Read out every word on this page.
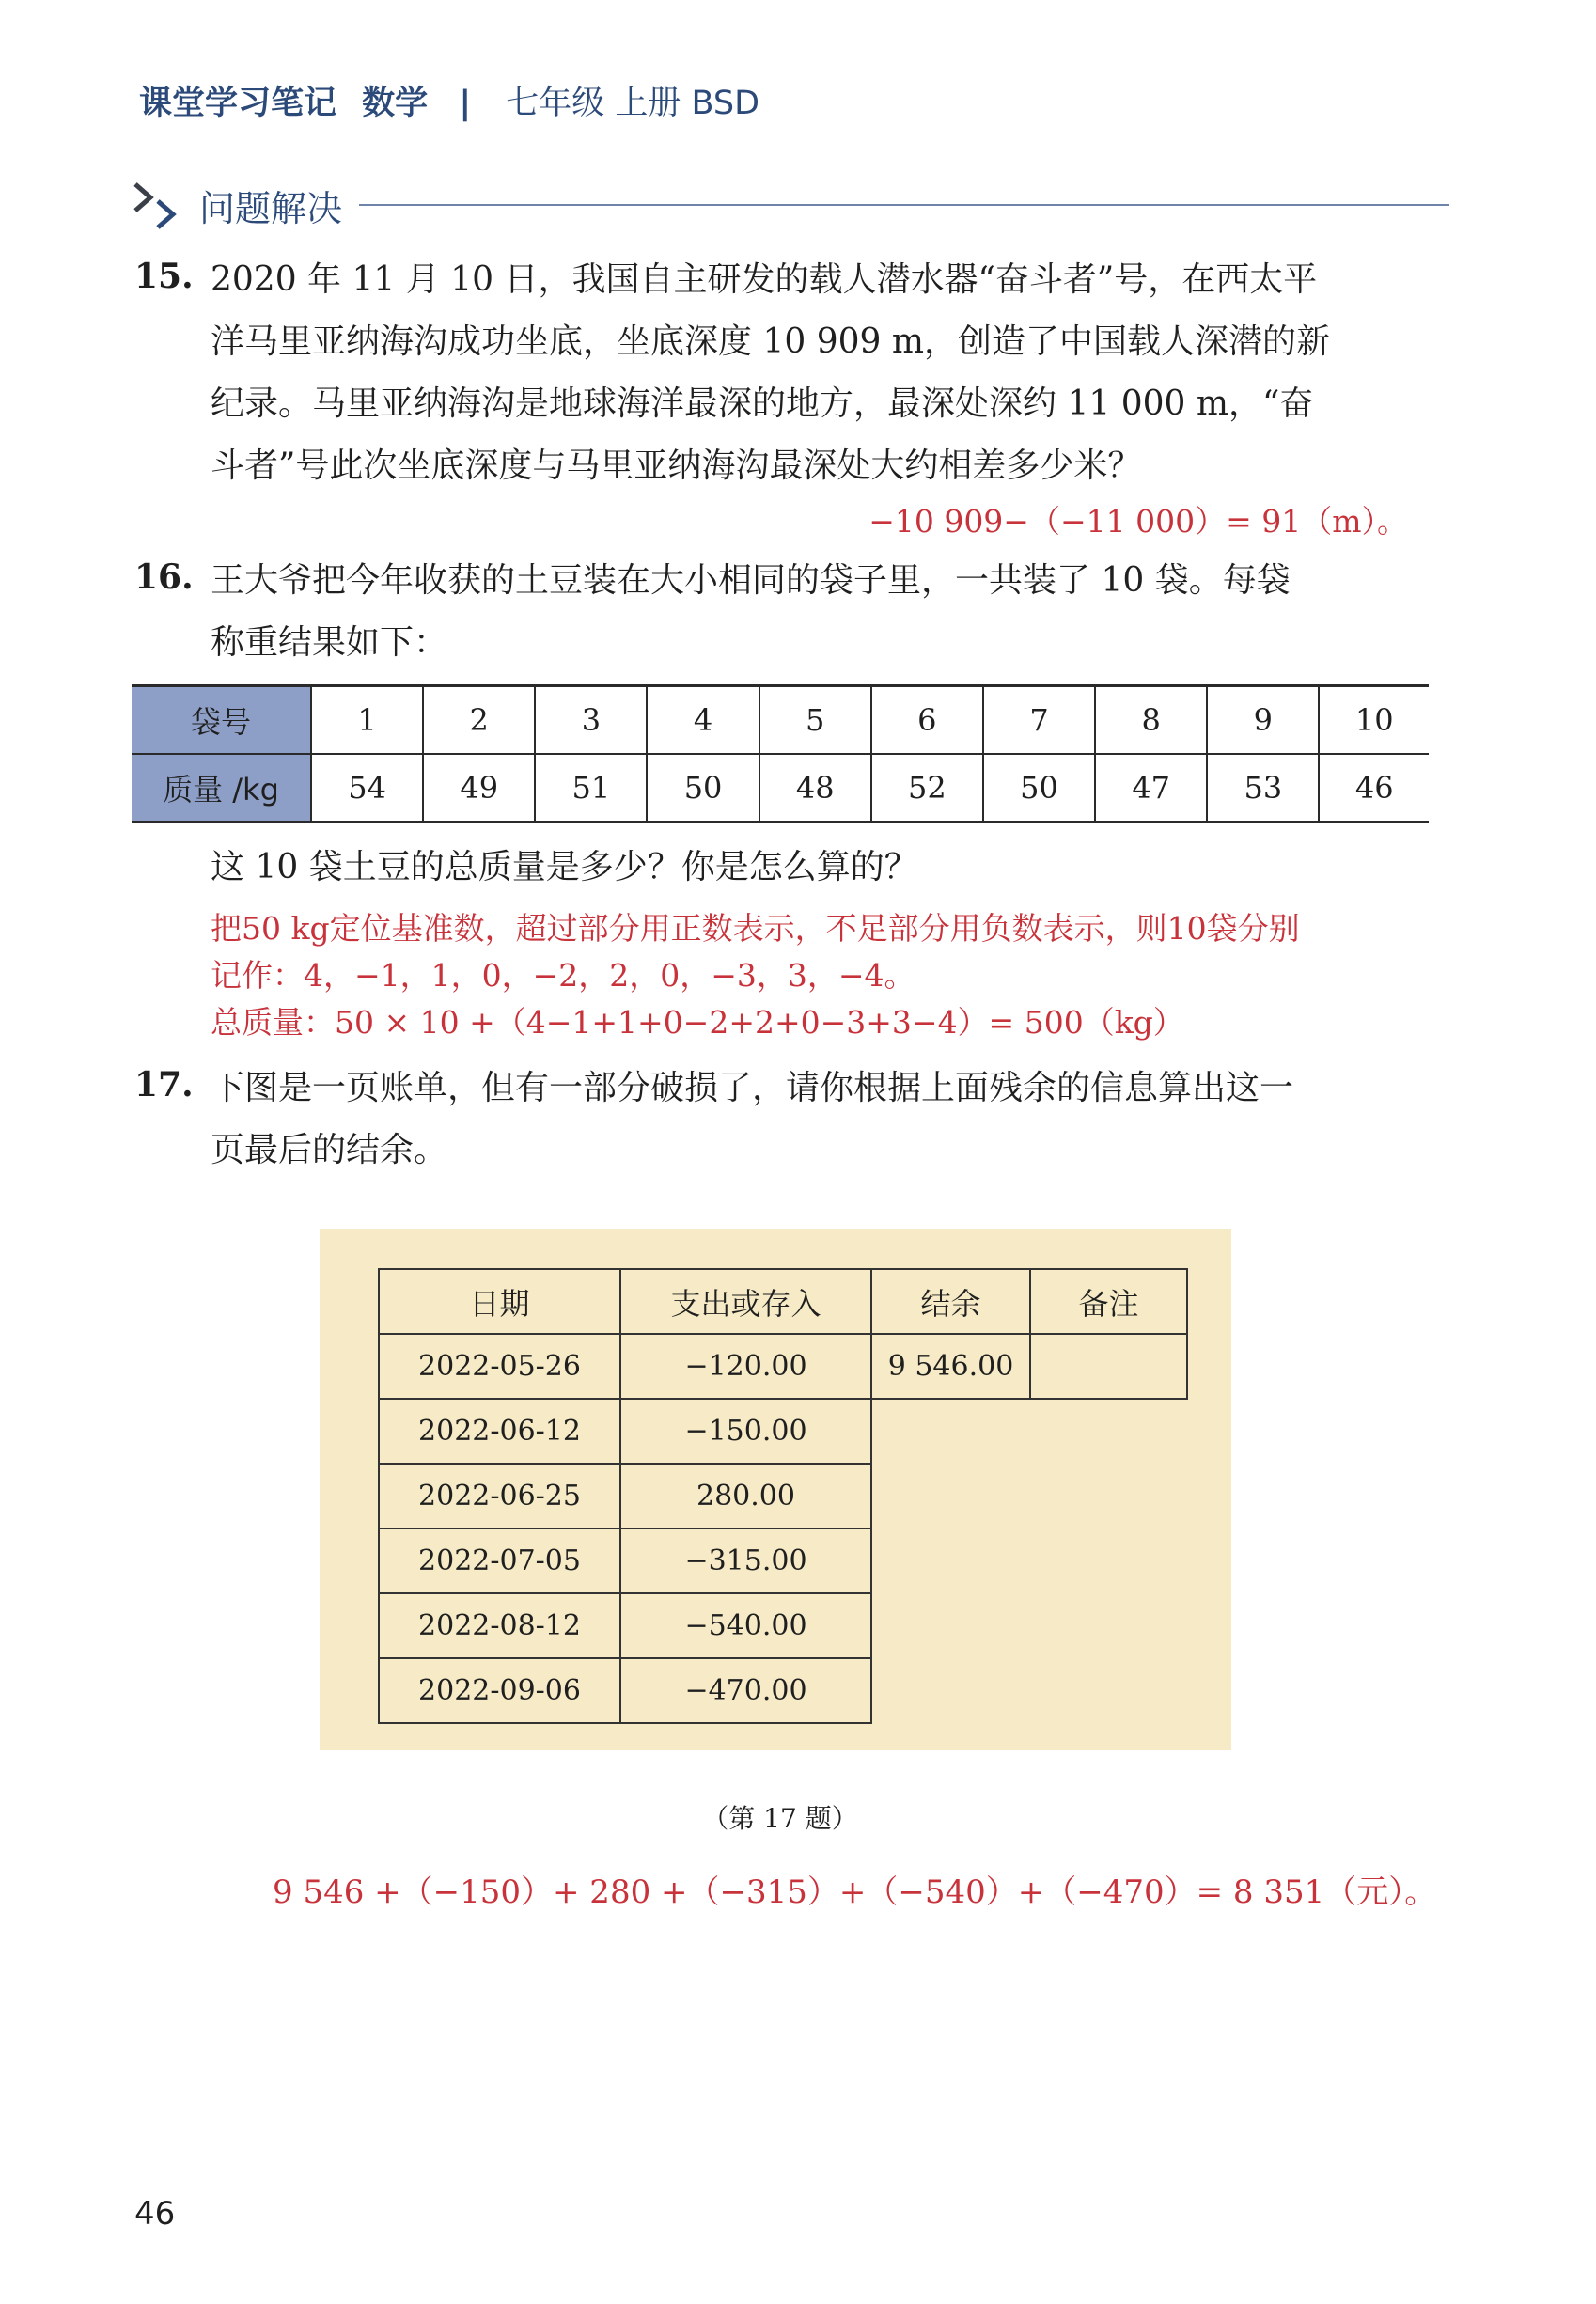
课堂学习笔记 数学 | 七年级 上册 BSD
问题解决
15. 2020 年 11 月 10 日，我国自主研发的载人潜水器“奋斗者”号，在西太平
洋马里亚纳海沟成功坐底，坐底深度 10 909 m，创造了中国载人深潜的新
纪录。马里亚纳海沟是地球海洋最深的地方，最深处深约 11 000 m，“奋
斗者”号此次坐底深度与马里亚纳海沟最深处大约相差多少米？
−10 909−（−11 000）= 91（m）。
16. 王大爷把今年收获的土豆装在大小相同的袋子里，一共装了 10 袋。每袋
称重结果如下：
袋号	1	2	3	4	5	6	7	8	9	10
质量 /kg	54	49	51	50	48	52	50	47	53	46
这 10 袋土豆的总质量是多少？你是怎么算的？
把50 kg定位基准数，超过部分用正数表示，不足部分用负数表示，则10袋分别
记作：4，−1，1，0，−2，2，0，−3，3，−4。
总质量：50 × 10 +（4−1+1+0−2+2+0−3+3−4）= 500（kg）
17. 下图是一页账单，但有一部分破损了，请你根据上面残余的信息算出这一
页最后的结余。
日期	支出或存入	结余	备注
2022-05-26	−120.00	9 546.00	
2022-06-12	−150.00		
2022-06-25	280.00		
2022-07-05	−315.00		
2022-08-12	−540.00		
2022-09-06	−470.00		
（第 17 题）
9 546 +（−150）+ 280 +（−315）+（−540）+（−470）= 8 351（元）。
46
